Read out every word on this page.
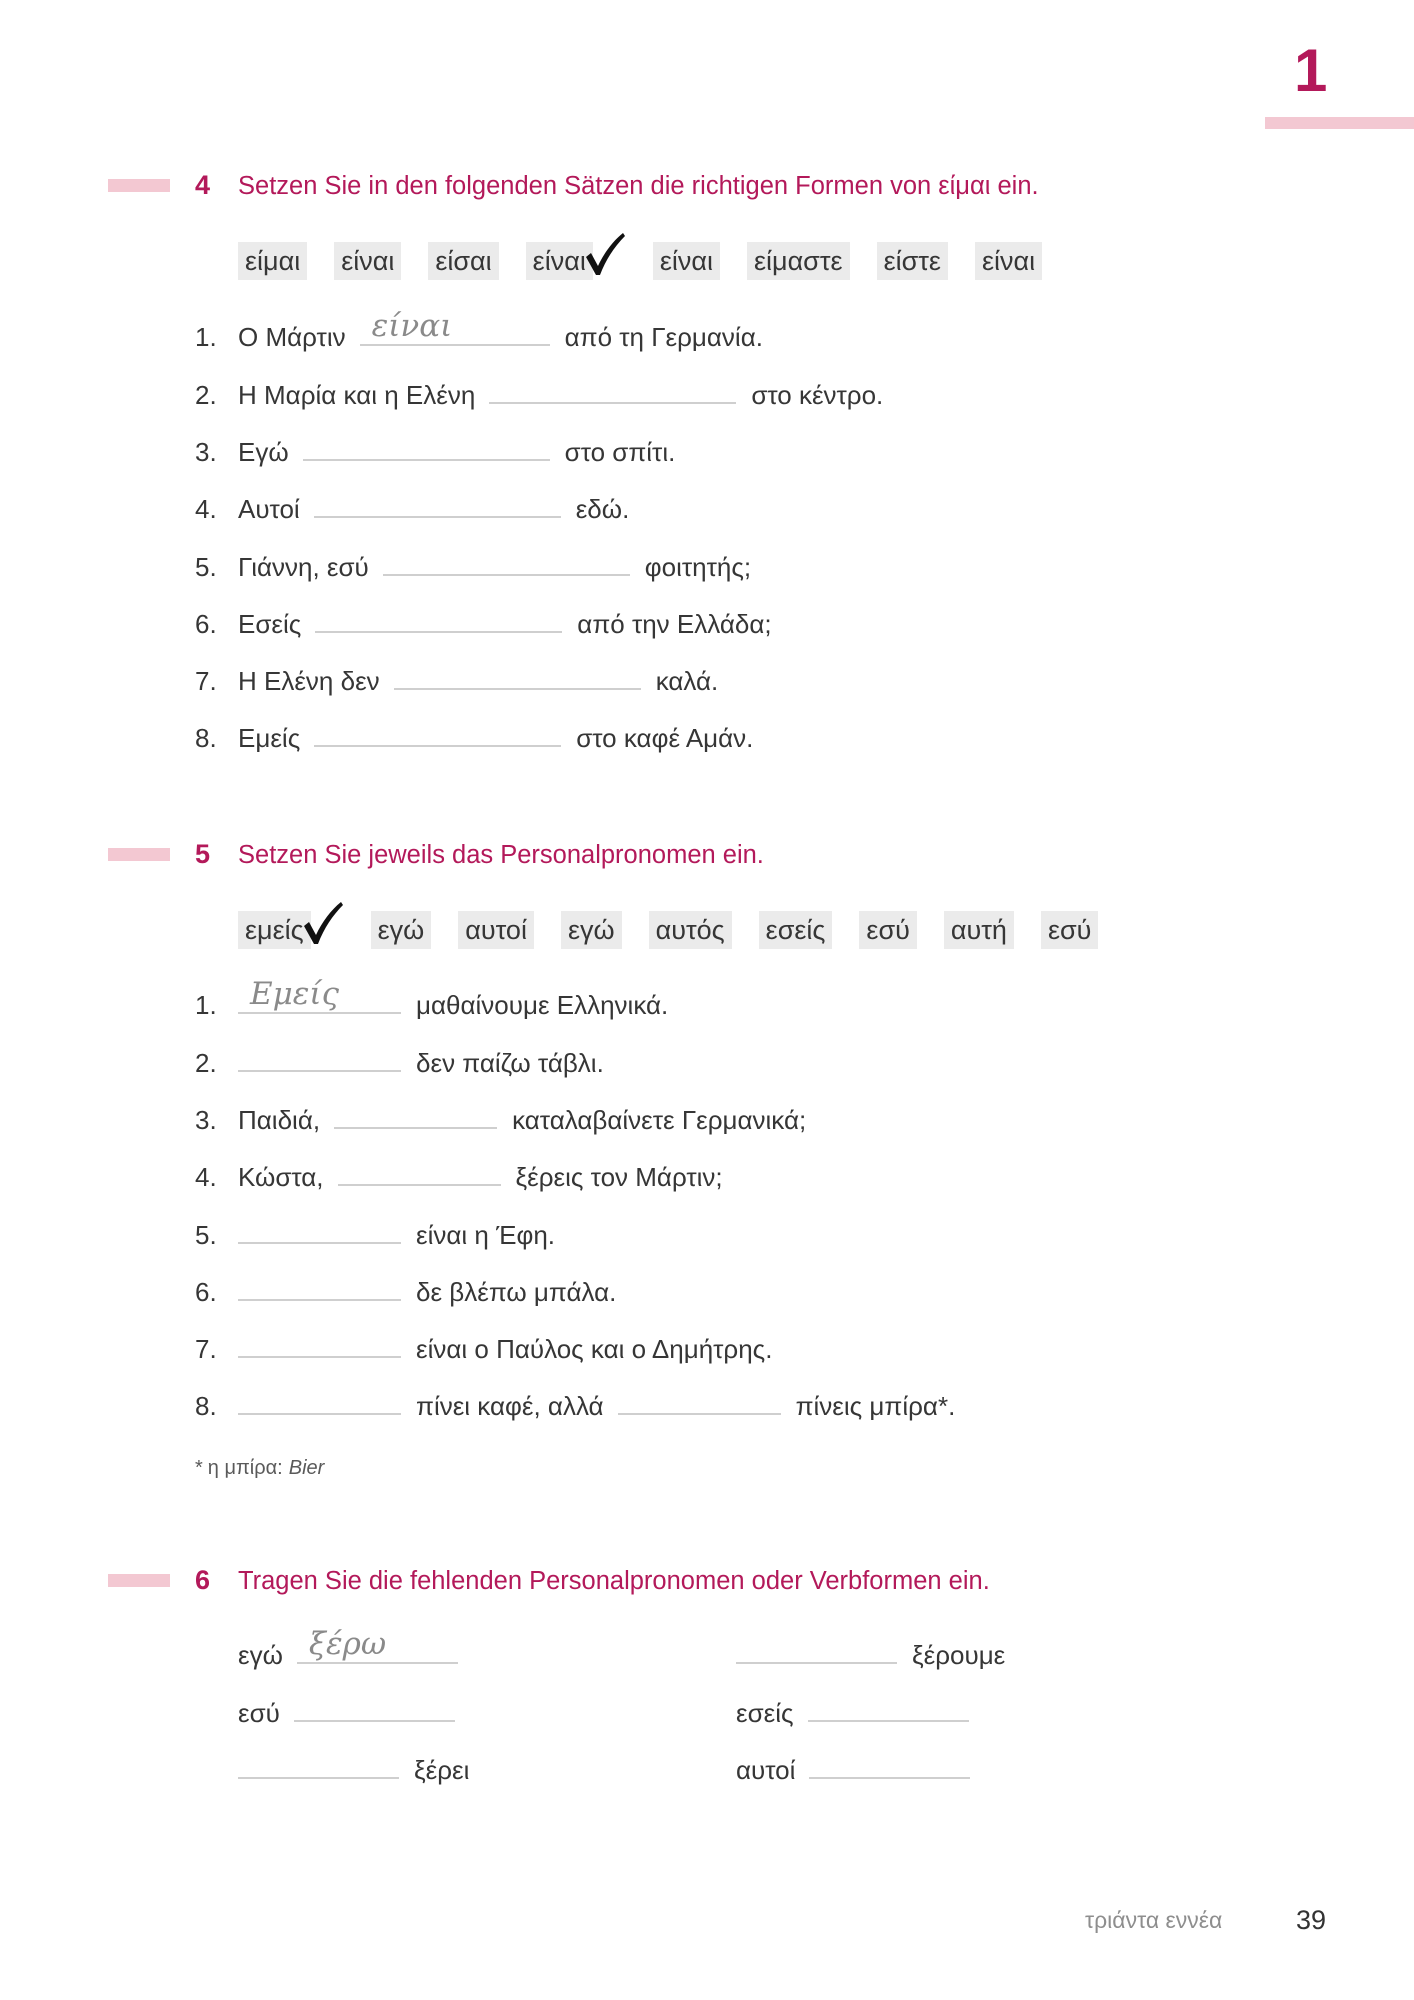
1
4 Setzen Sie in den folgenden Sätzen die richtigen Formen von είμαι ein.
είμαι είναι είσαι είναι	είναι είμαστε είστε είναι
1. Ο Μάρτιν είναι	από τη Γερμανία.
2. Η Μαρία και η Ελένη	στο κέντρο.
3. Εγώ	στο σπίτι.
4. Αυτοί	εδώ.
5. Γιάννη, εσύ	φοιτητής;
6. Εσείς	από την Ελλάδα;
7. Η Ελένη δεν	καλά.
8. Εμείς	στο καφέ Αμάν.
5 Setzen Sie jeweils das Personalpronomen ein.
εμείς	εγώ αυτοί εγώ αυτός εσείς εσύ αυτή εσύ
1.	Εμείς	μαθαίνουμε Ελληνικά.
2.	δεν παίζω τάβλι.
3. Παιδιά,	καταλαβαίνετε Γερμανικά;
4. Κώστα,	ξέρεις τον Μάρτιν;
5.	είναι η Έφη.
6.	δε βλέπω μπάλα.
7.	είναι ο Παύλος και ο Δημήτρης.
8.	πίνει καφέ, αλλά	πίνεις μπίρα*.
* η μπίρα: Bier
6 Tragen Sie die fehlenden Personalpronomen oder Verbformen ein.
εγώ ξέρω	ξέρουμε
εσύ	εσείς
ξέρει	αυτοί
τριάντα εννέα	39
